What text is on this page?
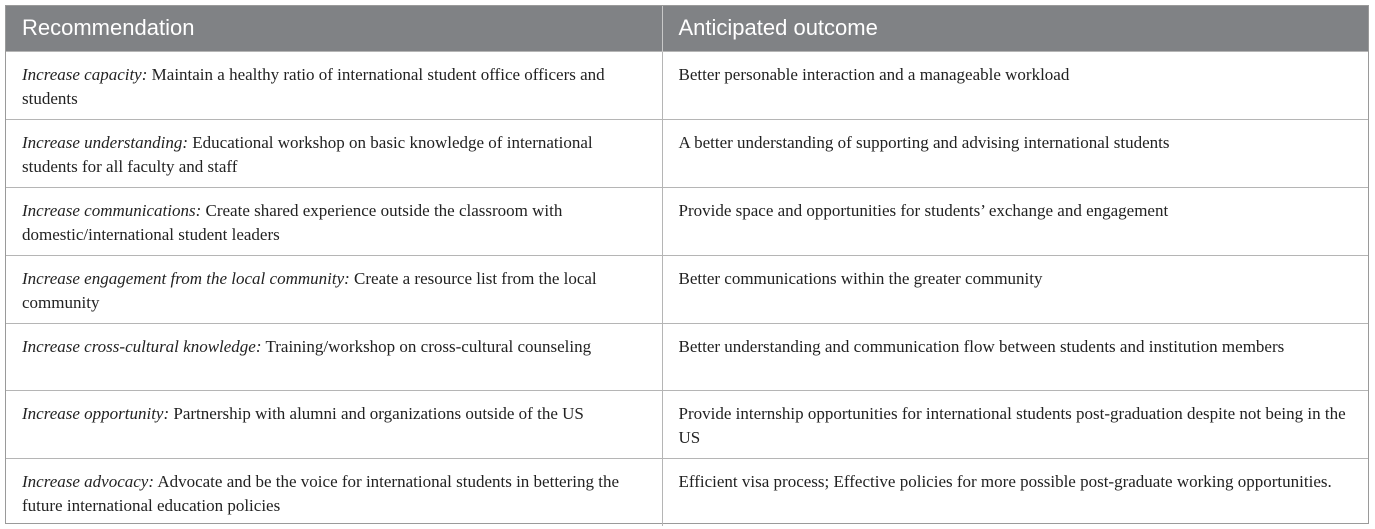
Recommendation	Anticipated outcome
Increase capacity: Maintain a healthy ratio of international student office officers and students	Better personable interaction and a manageable workload
Increase understanding: Educational workshop on basic knowledge of international students for all faculty and staff	A better understanding of supporting and advising international students
Increase communications: Create shared experience outside the classroom with domestic/international student leaders	Provide space and opportunities for students’ exchange and engagement
Increase engagement from the local community: Create a resource list from the local community	Better communications within the greater community
Increase cross-cultural knowledge: Training/workshop on cross-cultural counseling	Better understanding and communication flow between students and institution members
Increase opportunity: Partnership with alumni and organizations outside of the US	Provide internship opportunities for international students post-graduation despite not being in the US
Increase advocacy: Advocate and be the voice for international students in bettering the future international education policies	Efficient visa process; Effective policies for more possible post-graduate working opportunities.
